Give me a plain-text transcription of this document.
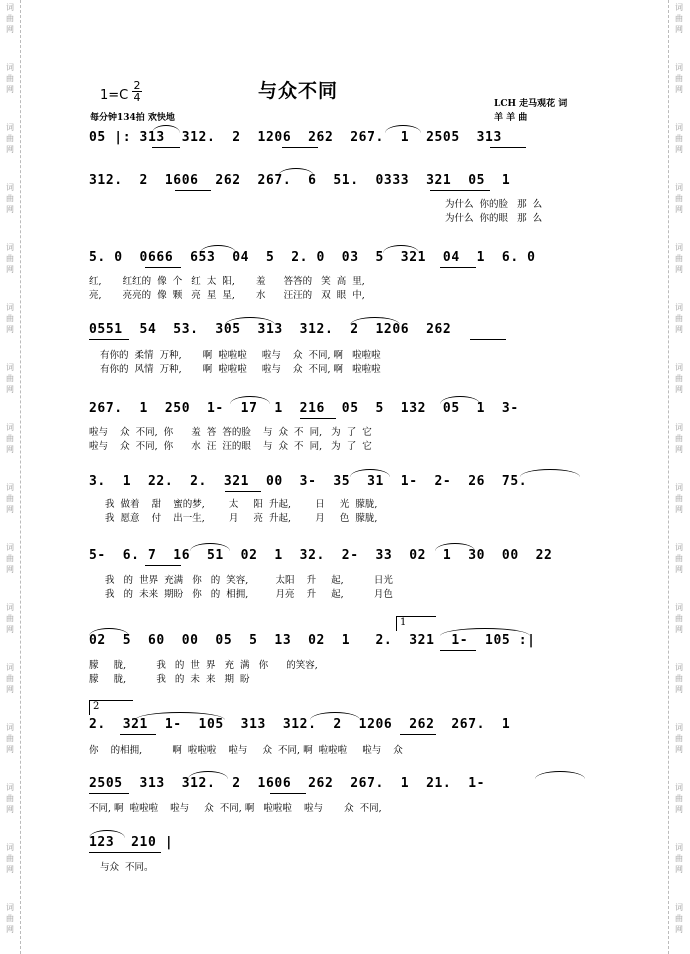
词
曲
网
词
曲
网
词
曲
网
词
曲
网
词
曲
网
词
曲
网
词
曲
网
词
曲
网
词
曲
网
词
曲
网
词
曲
网
词
曲
网
词
曲
网
词
曲
网
词
曲
网
词
曲
网
词
曲
网
词
曲
网
词
曲
网
词
曲
网
词
曲
网
词
曲
网
词
曲
网
词
曲
网
词
曲
网
词
曲
网
词
曲
网
词
曲
网
词
曲
网
词
曲
网
词
曲
网
词
曲
网
1=C
2
4	与众不同
每分钟134拍 欢快地
LCH 走马观花 词
羊 羊 曲
05 |: 313  312.  2  1206  262  267.  1  2505  313
312.  2  1606  262  267.  6  51.  0333  321  05  1
为什么  你的脸   那  么
为什么  你的眼   那  么
5. 0  0666  653  04  5  2. 0  03  5  321  04  1  6. 0
红,       红红的  像  个   红  太  阳,       羞      答答的   笑  高  里,
亮,       亮亮的  像  颗   亮  星  星,       水      汪汪的   双  眼  中,
0551  54  53.  305  313  312.  2  1206  262
有你的  柔情  万种,       啊  啦啦啦     啦与    众  不同, 啊   啦啦啦
有你的  风情  万种,       啊  啦啦啦     啦与    众  不同, 啊   啦啦啦
267.  1  250  1-  17  1  216  05  5  132  05  1  3-
啦与    众  不同,  你      羞  答  答的脸    与  众  不  同,   为  了  它
啦与    众  不同,  你      水  汪  汪的眼    与  众  不  同,   为  了  它
3.  1  22.  2.  321  00  3-  35  31  1-  2-  26  75.
我  做着    甜    蜜的梦,        太     阳  升起,        日     光  朦胧,
我  愿意    付    出一生,        月     亮  升起,        月     色  朦胧,
5-  6. 7  16  51  02  1  32.  2-  33  02  1  30  00  22
我   的  世界  充满   你   的  笑容,         太阳    升     起,          日光
我   的  未来  期盼   你   的  相拥,         月亮    升     起,          月色
1
02  5  60  00  05  5  13  02  1   2.  321  1-  105 :|
朦     胧,          我   的  世  界   充  满   你      的笑容,
朦     胧,          我   的  未  来   期  盼
2
2.  321  1-  105  313  312.  2  1206  262  267.  1
你    的相拥,          啊  啦啦啦    啦与     众  不同, 啊  啦啦啦     啦与    众
2505  313  312.  2  1606  262  267.  1  21.  1-
不同, 啊  啦啦啦    啦与     众  不同, 啊   啦啦啦    啦与       众  不同,
123  210 |
与众  不同。
